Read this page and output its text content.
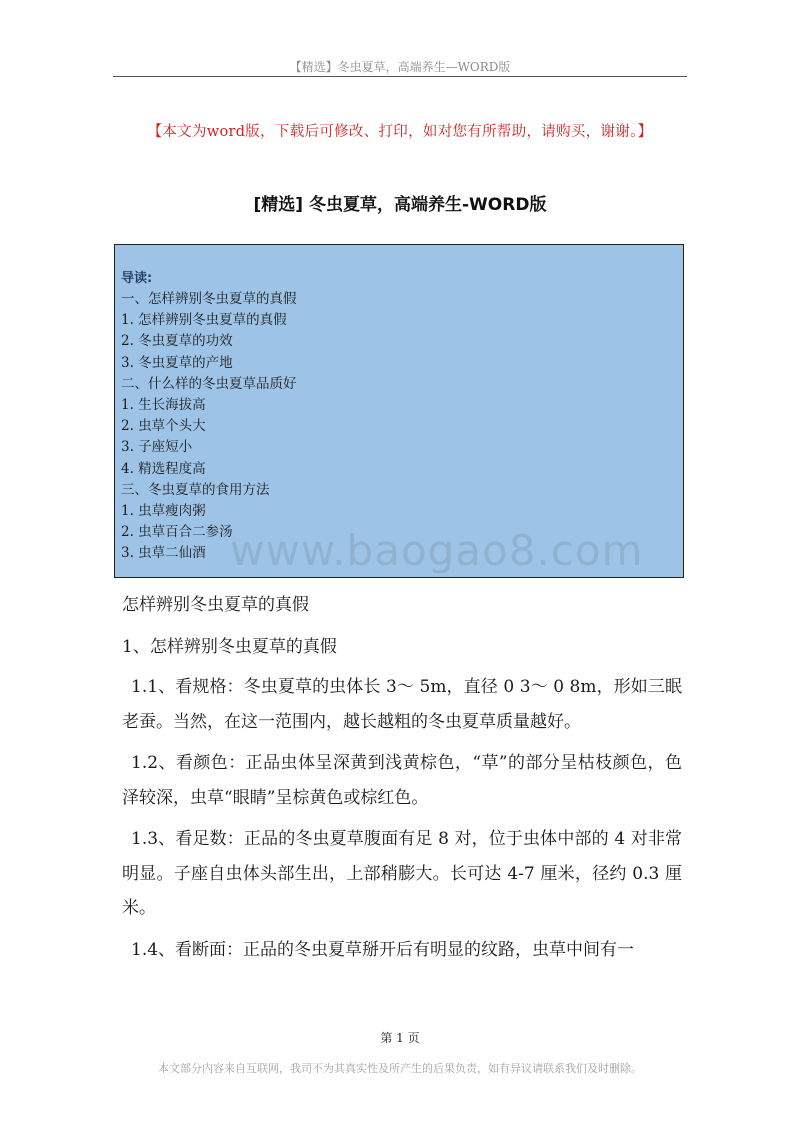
【精选】冬虫夏草，高端养生—WORD版
【本文为word版，下载后可修改、打印，如对您有所帮助，请购买，谢谢。】
[精选] 冬虫夏草，高端养生-WORD版
导读:
一、怎样辨别冬虫夏草的真假
1. 怎样辨别冬虫夏草的真假
2. 冬虫夏草的功效
3. 冬虫夏草的产地
二、什么样的冬虫夏草品质好
1. 生长海拔高
2. 虫草个头大
3. 子座短小
4. 精选程度高
三、冬虫夏草的食用方法
1. 虫草瘦肉粥
2. 虫草百合二参汤
3. 虫草二仙酒 www.baogao8.com
怎样辨别冬虫夏草的真假
1、怎样辨别冬虫夏草的真假

1.1、看规格：冬虫夏草的虫体长 3～ 5m，直径 0 3～ 0 8m，形如三眠老蚕。当然，在这一范围内，越长越粗的冬虫夏草质量越好。

1.2、看颜色：正品虫体呈深黄到浅黄棕色，“草”的部分呈枯枝颜色，色泽较深，虫草“眼睛”呈棕黄色或棕红色。

1.3、看足数：正品的冬虫夏草腹面有足 8 对，位于虫体中部的 4 对非常明显。子座自虫体头部生出，上部稍膨大。长可达 4-7 厘米，径约 0.3 厘米。

1.4、看断面：正品的冬虫夏草掰开后有明显的纹路，虫草中间有一

第 1 页
本文部分内容来自互联网，我司不为其真实性及所产生的后果负责，如有异议请联系我们及时删除。
